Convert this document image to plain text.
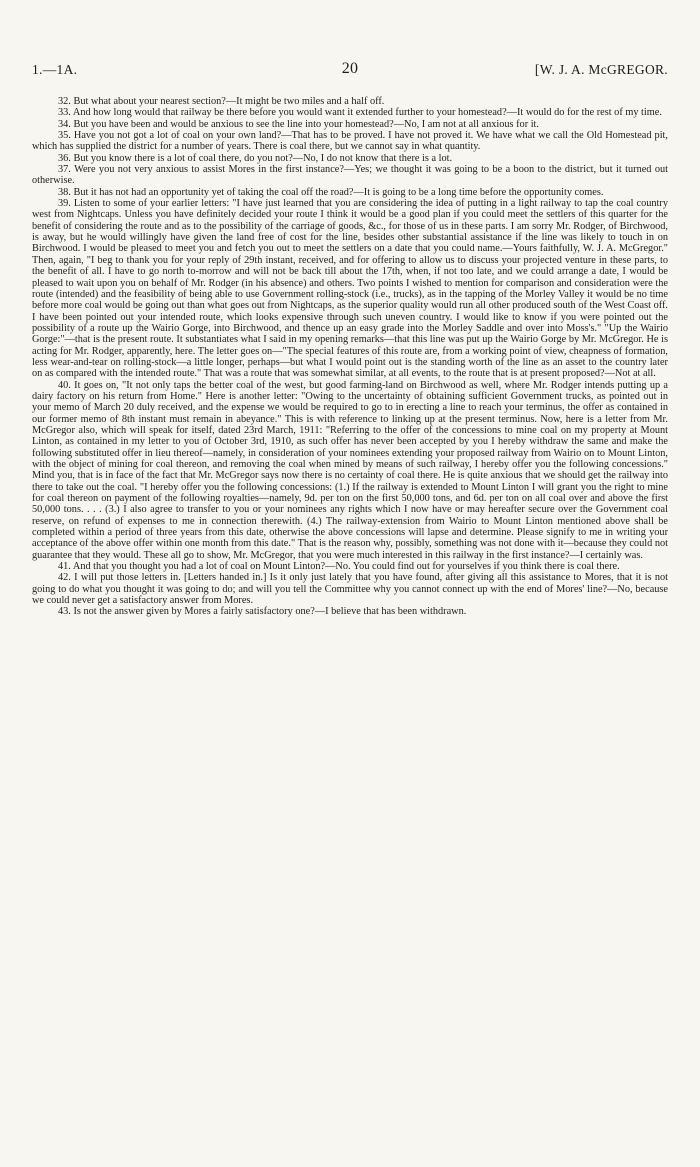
1.—1A.	20	[W. J. A. McGREGOR.

32. But what about your nearest section?—It might be two miles and a half off.

33. And how long would that railway be there before you would want it extended further to your homestead?—It would do for the rest of my time.

34. But you have been and would be anxious to see the line into your homestead?—No, I am not at all anxious for it.

35. Have you not got a lot of coal on your own land?—That has to be proved. I have not proved it. We have what we call the Old Homestead pit, which has supplied the district for a number of years. There is coal there, but we cannot say in what quantity.

36. But you know there is a lot of coal there, do you not?—No, I do not know that there is a lot.

37. Were you not very anxious to assist Mores in the first instance?—Yes; we thought it was going to be a boon to the district, but it turned out otherwise.

38. But it has not had an opportunity yet of taking the coal off the road?—It is going to be a long time before the opportunity comes.

39. Listen to some of your earlier letters: "I have just learned that you are considering the idea of putting in a light railway to tap the coal country west from Nightcaps. Unless you have definitely decided your route I think it would be a good plan if you could meet the settlers of this quarter for the benefit of considering the route and as to the possibility of the carriage of goods, &c., for those of us in these parts. I am sorry Mr. Rodger, of Birchwood, is away, but he would willingly have given the land free of cost for the line, besides other substantial assistance if the line was likely to touch in on Birchwood. I would be pleased to meet you and fetch you out to meet the settlers on a date that you could name.—Yours faithfully, W. J. A. McGregor." Then, again, "I beg to thank you for your reply of 29th instant, received, and for offering to allow us to discuss your projected venture in these parts, to the benefit of all. I have to go north to-morrow and will not be back till about the 17th, when, if not too late, and we could arrange a date, I would be pleased to wait upon you on behalf of Mr. Rodger (in his absence) and others. Two points I wished to mention for comparison and consideration were the route (intended) and the feasibility of being able to use Government rolling-stock (i.e., trucks), as in the tapping of the Morley Valley it would be no time before more coal would be going out than what goes out from Nightcaps, as the superior quality would run all other produced south of the West Coast off. I have been pointed out your intended route, which looks expensive through such uneven country. I would like to know if you were pointed out the possibility of a route up the Wairio Gorge, into Birchwood, and thence up an easy grade into the Morley Saddle and over into Moss's." "Up the Wairio Gorge:"—that is the present route. It substantiates what I said in my opening remarks—that this line was put up the Wairio Gorge by Mr. McGregor. He is acting for Mr. Rodger, apparently, here. The letter goes on—"The special features of this route are, from a working point of view, cheapness of formation, less wear-and-tear on rolling-stock—a little longer, perhaps—but what I would point out is the standing worth of the line as an asset to the country later on as compared with the intended route." That was a route that was somewhat similar, at all events, to the route that is at present proposed?—Not at all.

40. It goes on, "It not only taps the better coal of the west, but good farming-land on Birchwood as well, where Mr. Rodger intends putting up a dairy factory on his return from Home." Here is another letter: "Owing to the uncertainty of obtaining sufficient Government trucks, as pointed out in your memo of March 20 duly received, and the expense we would be required to go to in erecting a line to reach your terminus, the offer as contained in our former memo of 8th instant must remain in abeyance." This is with reference to linking up at the present terminus. Now, here is a letter from Mr. McGregor also, which will speak for itself, dated 23rd March, 1911: "Referring to the offer of the concessions to mine coal on my property at Mount Linton, as contained in my letter to you of October 3rd, 1910, as such offer has never been accepted by you I hereby withdraw the same and make the following substituted offer in lieu thereof—namely, in consideration of your nominees extending your proposed railway from Wairio on to Mount Linton, with the object of mining for coal thereon, and removing the coal when mined by means of such railway, I hereby offer you the following concessions." Mind you, that is in face of the fact that Mr. McGregor says now there is no certainty of coal there. He is quite anxious that we should get the railway into there to take out the coal. "I hereby offer you the following concessions: (1.) If the railway is extended to Mount Linton I will grant you the right to mine for coal thereon on payment of the following royalties—namely, 9d. per ton on the first 50,000 tons, and 6d. per ton on all coal over and above the first 50,000 tons. . . . (3.) I also agree to transfer to you or your nominees any rights which I now have or may hereafter secure over the Government coal reserve, on refund of expenses to me in connection therewith. (4.) The railway-extension from Wairio to Mount Linton mentioned above shall be completed within a period of three years from this date, otherwise the above concessions will lapse and determine. Please signify to me in writing your acceptance of the above offer within one month from this date." That is the reason why, possibly, something was not done with it—because they could not guarantee that they would. These all go to show, Mr. McGregor, that you were much interested in this railway in the first instance?—I certainly was.

41. And that you thought you had a lot of coal on Mount Linton?—No. You could find out for yourselves if you think there is coal there.

42. I will put those letters in. [Letters handed in.] Is it only just lately that you have found, after giving all this assistance to Mores, that it is not going to do what you thought it was going to do; and will you tell the Committee why you cannot connect up with the end of Mores' line?—No, because we could never get a satisfactory answer from Mores.

43. Is not the answer given by Mores a fairly satisfactory one?—I believe that has been withdrawn.
